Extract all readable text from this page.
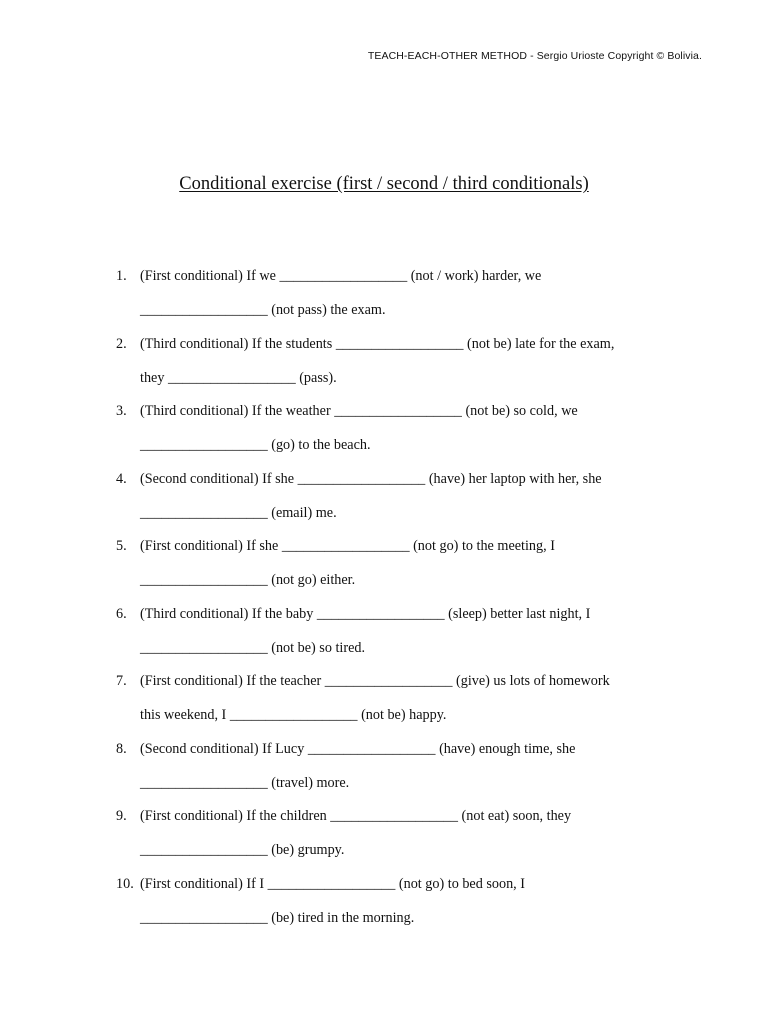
TEACH-EACH-OTHER METHOD - Sergio Urioste Copyright © Bolivia.
Conditional exercise (first / second / third conditionals)
1. (First conditional) If we __________________ (not / work) harder, we
__________________ (not pass) the exam.
2. (Third conditional) If the students __________________ (not be) late for the exam,
they __________________ (pass).
3. (Third conditional) If the weather __________________ (not be) so cold, we
__________________ (go) to the beach.
4. (Second conditional) If she __________________ (have) her laptop with her, she
__________________ (email) me.
5. (First conditional) If she __________________ (not go) to the meeting, I
__________________ (not go) either.
6. (Third conditional) If the baby __________________ (sleep) better last night, I
__________________ (not be) so tired.
7. (First conditional) If the teacher __________________ (give) us lots of homework
this weekend, I __________________ (not be) happy.
8. (Second conditional) If Lucy __________________ (have) enough time, she
__________________ (travel) more.
9. (First conditional) If the children __________________ (not eat) soon, they
__________________ (be) grumpy.
10. (First conditional) If I __________________ (not go) to bed soon, I
__________________ (be) tired in the morning.
